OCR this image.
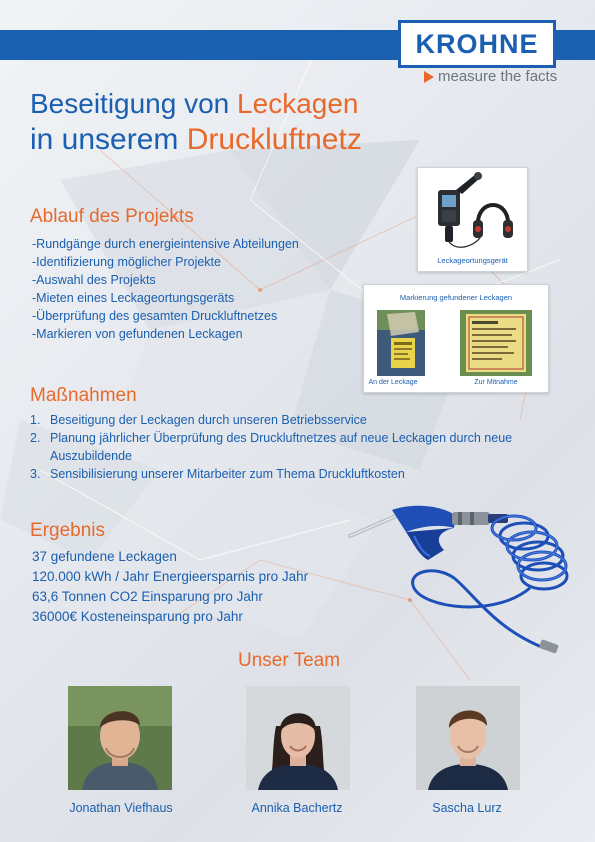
KROHNE
measure the facts
Beseitigung von Leckagen
in unserem Druckluftnetz
Ablauf des Projekts
-Rundgänge durch energieintensive Abteilungen
-Identifizierung möglicher Projekte
-Auswahl des Projekts
-Mieten eines Leckageortungsgeräts
-Überprüfung des gesamten Druckluftnetzes
-Markieren von gefundenen Leckagen
Leckageortungsgerät
Markierung gefundener Leckagen
An der Leckage	Zur Mitnahme
Maßnahmen
1. Beseitigung der Leckagen durch unseren Betriebsservice
2. Planung jährlicher Überprüfung des Druckluftnetzes auf neue Leckagen durch neue Auszubildende
3. Sensibilisierung unserer Mitarbeiter zum Thema Druckluftkosten
Ergebnis
37 gefundene Leckagen
120.000 kWh / Jahr Energieersparnis pro Jahr
63,6 Tonnen CO2 Einsparung pro Jahr
36000€ Kosteneinsparung pro Jahr
Unser Team
Jonathan Viefhaus	Annika Bachertz	Sascha Lurz
